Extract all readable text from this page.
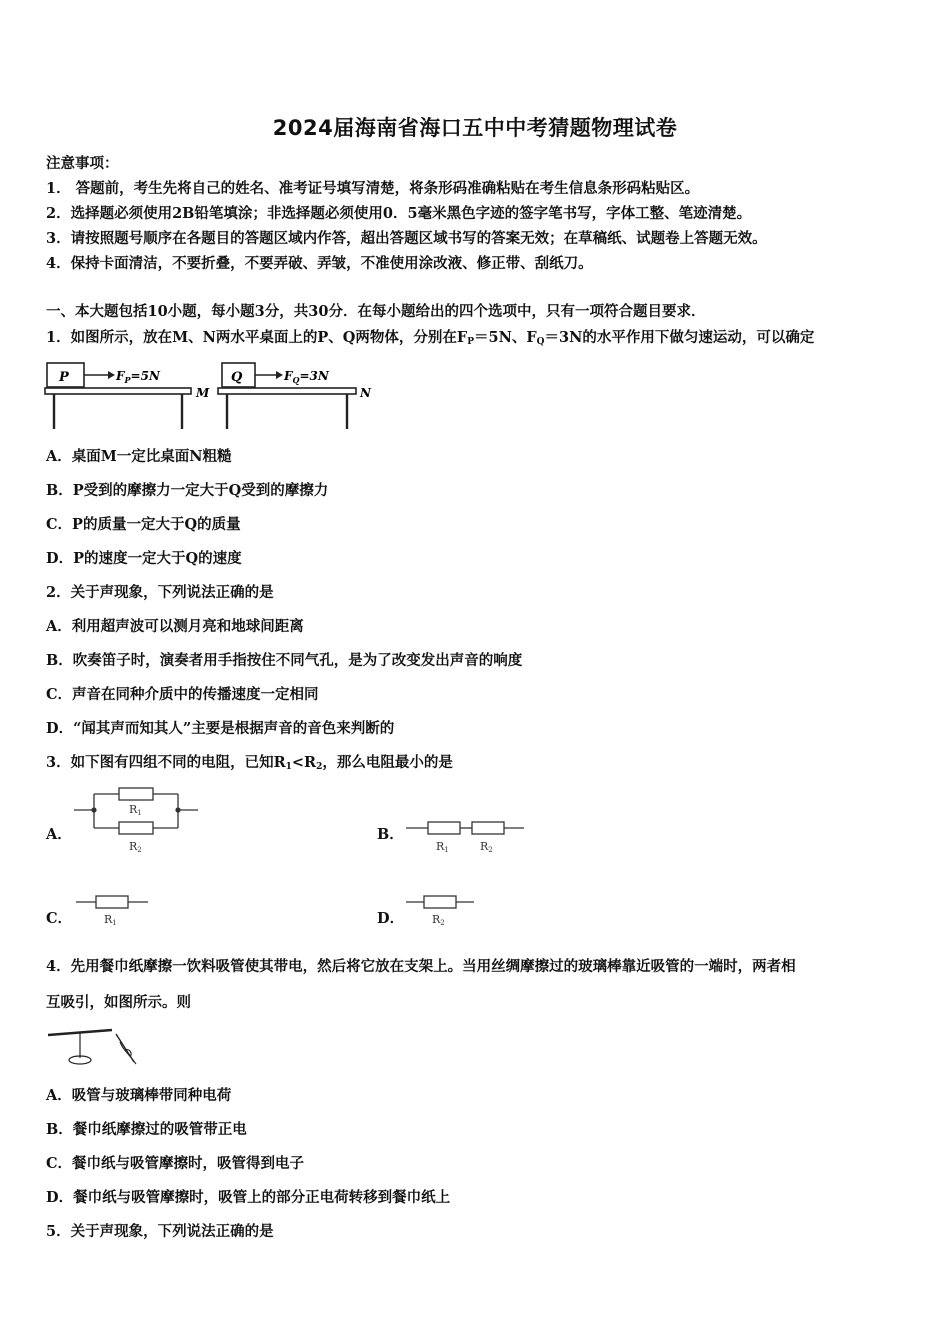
2024届海南省海口五中中考猜题物理试卷
注意事项：
1． 答题前，考生先将自己的姓名、准考证号填写清楚，将条形码准确粘贴在考生信息条形码粘贴区。
2．选择题必须使用2B铅笔填涂；非选择题必须使用0．5毫米黑色字迹的签字笔书写，字体工整、笔迹清楚。
3．请按照题号顺序在各题目的答题区域内作答，超出答题区域书写的答案无效；在草稿纸、试题卷上答题无效。
4．保持卡面清洁，不要折叠，不要弄破、弄皱，不准使用涂改液、修正带、刮纸刀。
一、本大题包括10小题，每小题3分，共30分．在每小题给出的四个选项中，只有一项符合题目要求．
1．如图所示，放在M、N两水平桌面上的P、Q两物体，分别在$F_P=5N$、$F_Q=3N$的水平作用下做匀速运动，可以确定
P	$F_P=5N$
M
Q	$F_Q=3N$
N
A．桌面M一定比桌面N粗糙
B．P受到的摩擦力一定大于Q受到的摩擦力
C．P的质量一定大于Q的质量
D．P的速度一定大于Q的速度
2．关于声现象，下列说法正确的是
A．利用超声波可以测月亮和地球间距离
B．吹奏笛子时，演奏者用手指按住不同气孔，是为了改变发出声音的响度
C．声音在同种介质中的传播速度一定相同
D．“闻其声而知其人”主要是根据声音的音色来判断的
3．如下图有四组不同的电阻，已知$R_1<R_2$，那么电阻最小的是
A．
R1
R2
B．
R1	R2
C．	R1	D．	R2
4．先用餐巾纸摩擦一饮料吸管使其带电，然后将它放在支架上。当用丝绸摩擦过的玻璃棒靠近吸管的一端时，两者相
互吸引，如图所示。则
A．吸管与玻璃棒带同种电荷
B．餐巾纸摩擦过的吸管带正电
C．餐巾纸与吸管摩擦时，吸管得到电子
D．餐巾纸与吸管摩擦时，吸管上的部分正电荷转移到餐巾纸上
5．关于声现象，下列说法正确的是
